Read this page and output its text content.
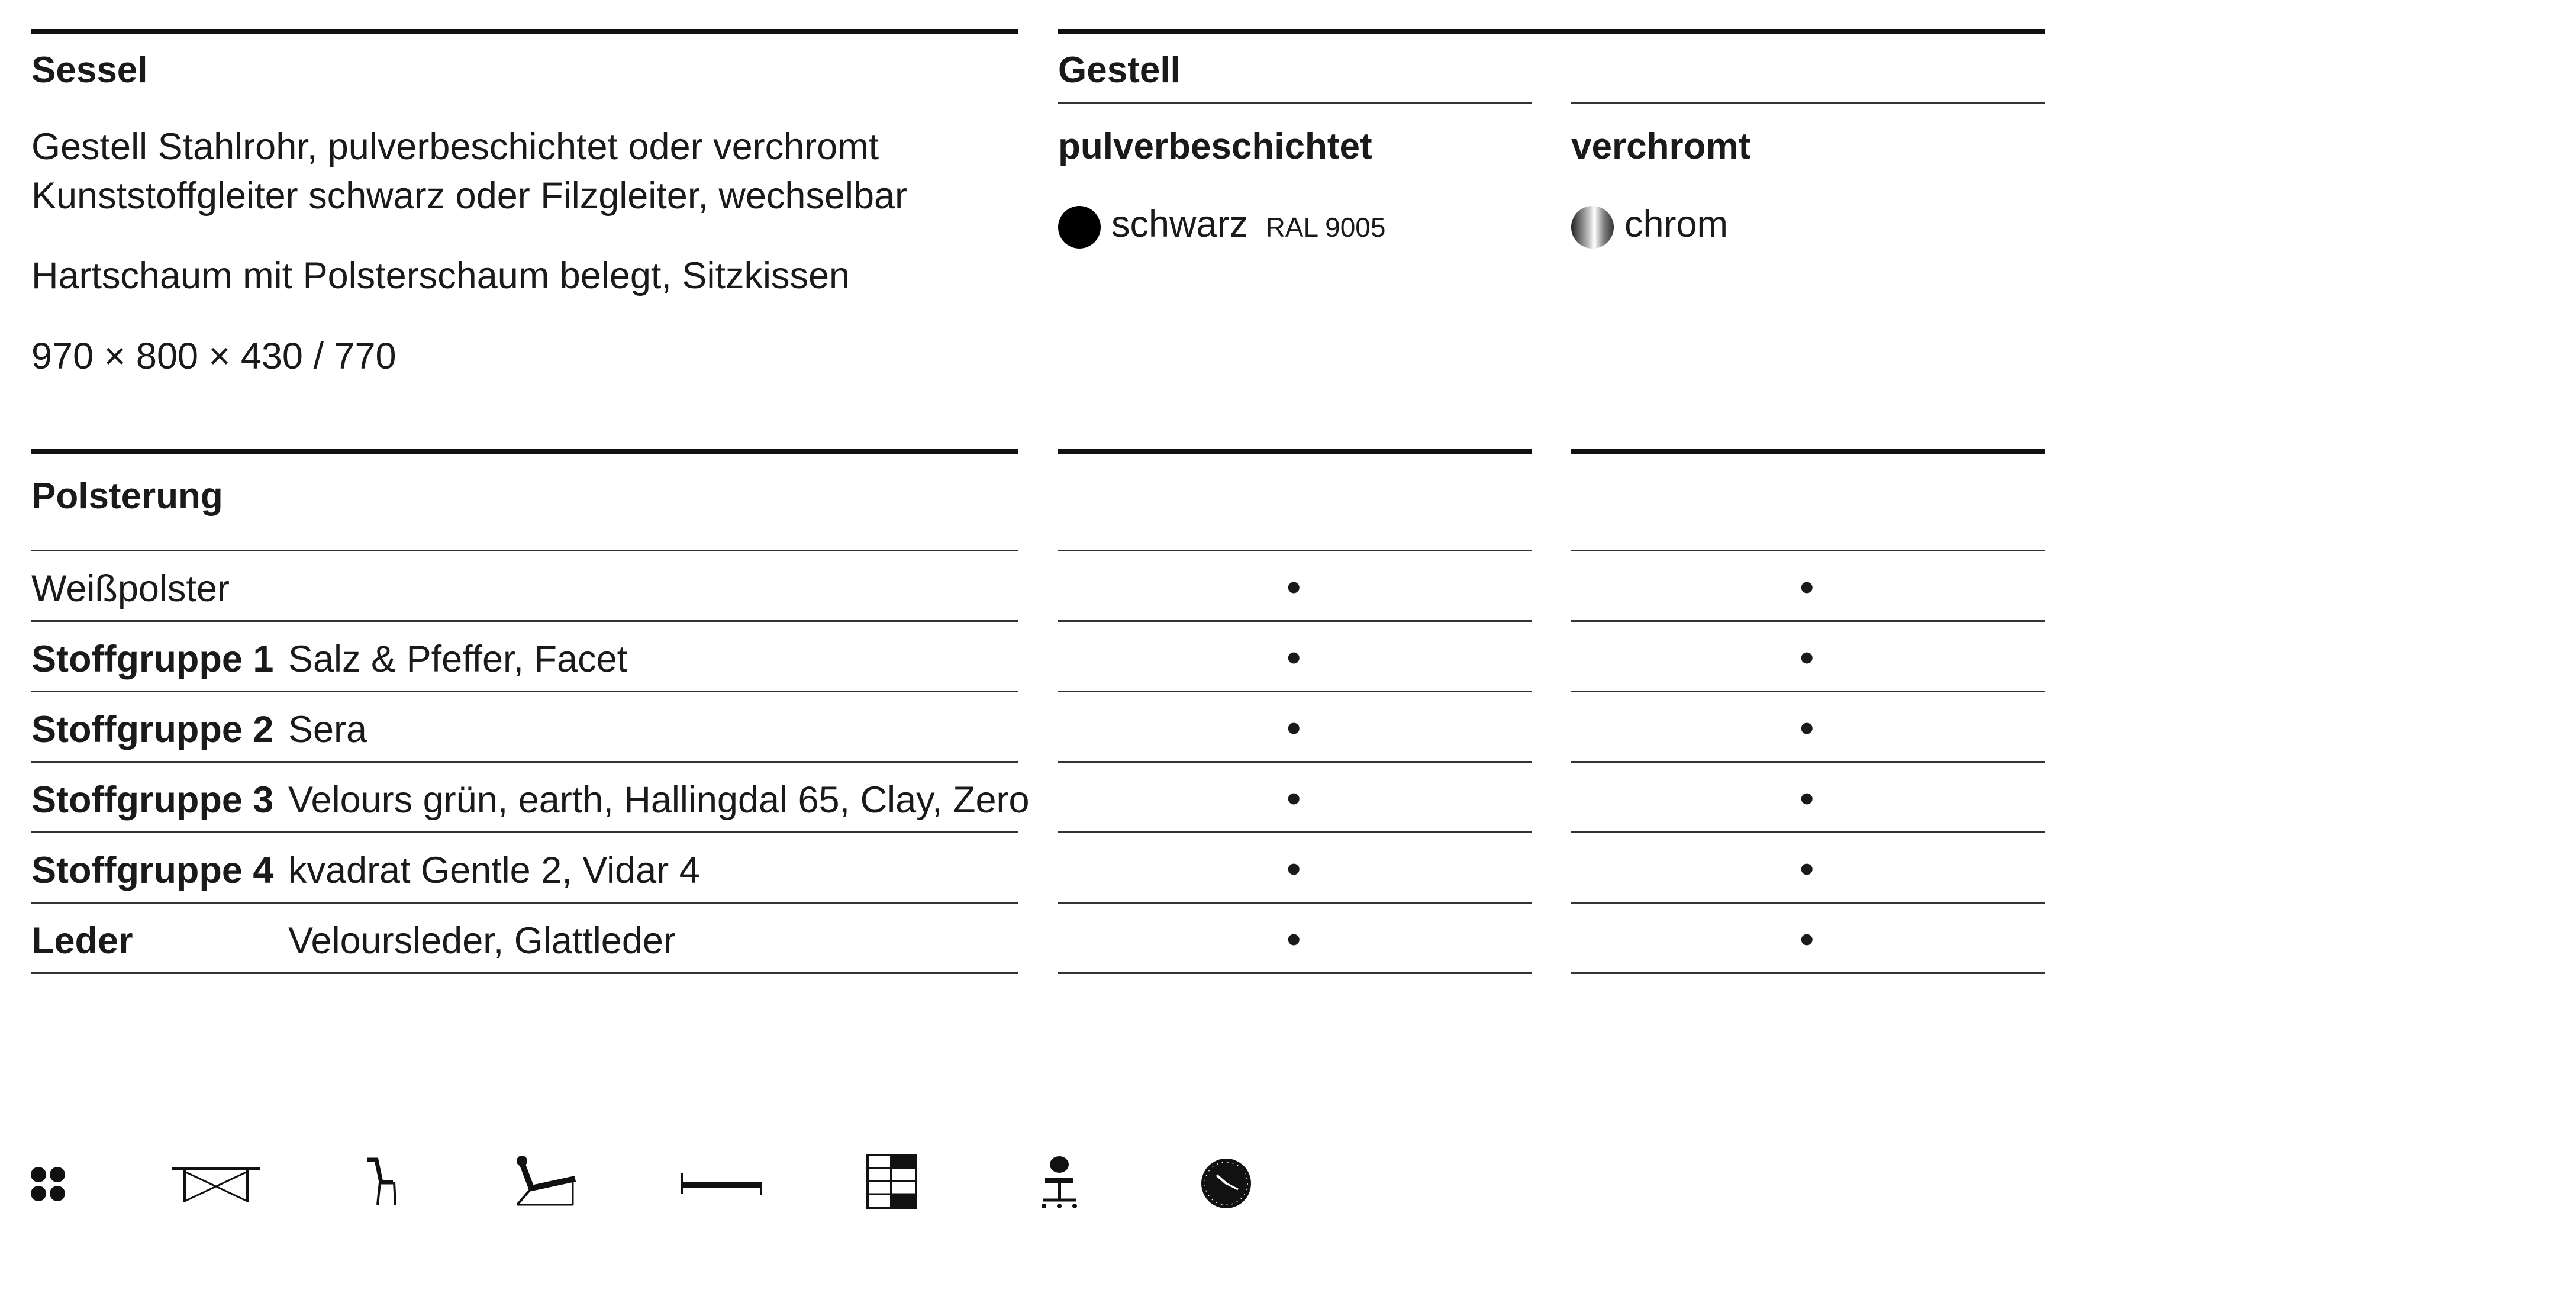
Sessel
Gestell Stahlrohr, pulverbeschichtet oder verchromt
Kunststoffgleiter schwarz oder Filzgleiter, wechselbar
Hartschaum mit Polsterschaum belegt, Sitzkissen
970 × 800 × 430 / 770
Gestell
pulverbeschichtet	verchromt
schwarz RAL 9005	chrom
Polsterung
Weißpolster	•	•
Stoffgruppe 1 Salz & Pfeffer, Facet	•	•
Stoffgruppe 2 Sera	•	•
Stoffgruppe 3 Velours grün, earth, Hallingdal 65, Clay, Zero	•	•
Stoffgruppe 4 kvadrat Gentle 2, Vidar 4	•	•
Leder	Veloursleder, Glattleder	•	•
